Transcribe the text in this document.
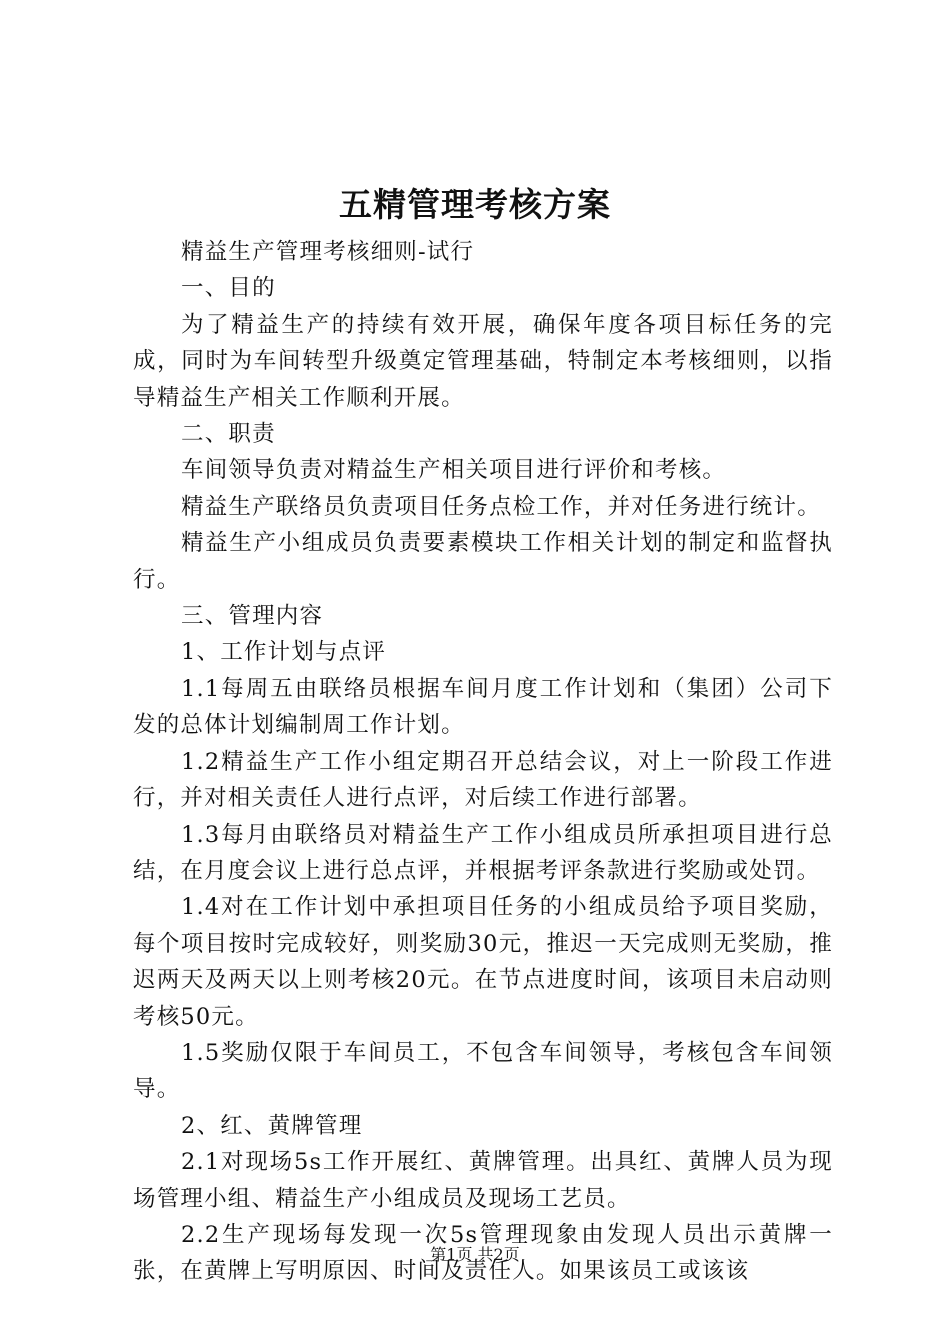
五精管理考核方案

精益生产管理考核细则-试行

一、目的

为了精益生产的持续有效开展，确保年度各项目标任务的完成，同时为车间转型升级奠定管理基础，特制定本考核细则，以指导精益生产相关工作顺利开展。

二、职责

车间领导负责对精益生产相关项目进行评价和考核。

精益生产联络员负责项目任务点检工作，并对任务进行统计。

精益生产小组成员负责要素模块工作相关计划的制定和监督执行。

三、管理内容

1、工作计划与点评

1.1每周五由联络员根据车间月度工作计划和（集团）公司下发的总体计划编制周工作计划。

1.2精益生产工作小组定期召开总结会议，对上一阶段工作进行，并对相关责任人进行点评，对后续工作进行部署。

1.3每月由联络员对精益生产工作小组成员所承担项目进行总结，在月度会议上进行总点评，并根据考评条款进行奖励或处罚。

1.4对在工作计划中承担项目任务的小组成员给予项目奖励，每个项目按时完成较好，则奖励30元，推迟一天完成则无奖励，推迟两天及两天以上则考核20元。在节点进度时间，该项目未启动则考核50元。

1.5奖励仅限于车间员工，不包含车间领导，考核包含车间领导。

2、红、黄牌管理

2.1对现场5s工作开展红、黄牌管理。出具红、黄牌人员为现场管理小组、精益生产小组成员及现场工艺员。

2.2生产现场每发现一次5s管理现象由发现人员出示黄牌一张，在黄牌上写明原因、时间及责任人。如果该员工或该该

第1页 共2页
